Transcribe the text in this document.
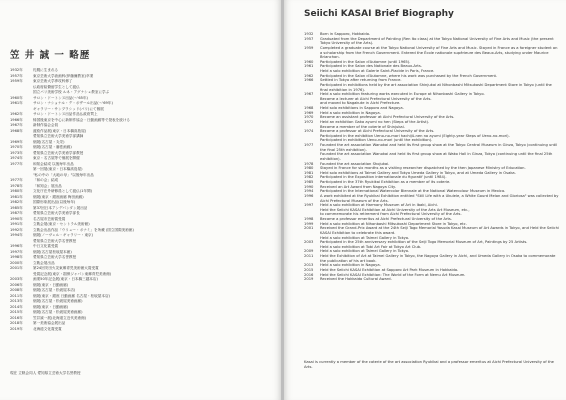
笠 井 誠 一 略歴
1932年	札幌に生まれる
1957年	東京芸術大学油画科(伊藤廉教室)卒業
1959年	東京芸術大学専攻科修了
仏政府給費留学生として渡仏
国立パリ美術学校 ルネ・アグナシュ教室に学ぶ
1960年	サロン・ドートンヌ出品(〜'65年)
1961年	サロン・ナショナル・デ・ボザール出品(〜'69年)
ギャラリー・サンプラシッド(パリ)にて個展
1962年	サロン・ドートンヌ出品作品仏政府買上
1966年	帰国後東京を中心に新制作協会・日動画廊等で発表を続ける
1967年	新制作協会会員
1968年	渡欧作品展(東京・日本橋高島屋)
愛知県立芸術大学美術学部講師
1969年	個展(名古屋・丸栄)
1970年	個展(名古屋・藤巻画廊)
1973年	愛知県立芸術大学美術学部教授
1974年	東京・名古屋等で個展を開催
1977年	和知会結成 以後毎年出品
第一回展(東京・日本橋高島屋)
"私の中の「大地の母」"以後毎年出品
1977年	「和の会」結成
1978年	「和知会」展出品
1980年	文化庁在外研修員として渡仏(1年間)
1981年	個展(東京・銀座画廊 梅田画廊)
1982年	国際形象展出品(以後毎年)
1985年	第37回日本アンデパンダン展出品
1987年	愛知県立芸術大学美術学部長
1990年	名古屋市芸術賞受賞
1991年	立軌会展(東京・セントラル美術館)
1992年	立軌会出品作品「ウリュー・ボナミ」を所蔵 (国立国際美術館)
1994年	個展(ノーヴェル・ギャラリー・東京)
愛知県立芸術大学名誉教授
1996年	中日文化賞受賞
1997年	個展(名古屋松坂屋本館)
1998年	愛知県立芸術大学名誉教授
2000年	立軌会展出品
2001年	第24回安田火災東郷青児美術館大賞受賞
受賞記念展(東京・損保ジャパン東郷青児美術館)
2003年	画業50年記念展(東京・日本橋三越本店)
2006年	個展(東京・日動画廊)
2008年	個展(名古屋・松坂屋本店)
2011年	個展(東京・銀座 日動画廊 名古屋・松坂屋本店)
2013年	個展(名古屋・松坂屋美術画廊)
2014年	個展(東京・日動画廊)
2015年	個展(名古屋・松坂屋美術画廊)
2016年	笠井誠一展(北海道立近代美術館)
2018年	第一美術協会展出品
2019年	北海道文化賞受賞
現在 立軌会同人 愛知県立芸術大学名誉教授
Seiichi KASAI Brief Biography
1932	Born in Sapporo, Hokkaido.
1957	Graduated from the Department of Painting (Ren Ito class) at the Tokyo National University of Fine Arts and Music (the present Tokyo University of the Arts).
1959	Completed a graduate course at the Tokyo National University of Fine Arts and Music. Stayed in France as a foreigner student on a scholarship from the French Government. Entered the École nationale supérieure des Beaux-Arts, studying under Maurice Brianchon.
1960	Participated in the Salon d'Automne (until 1965).
1961	Participated in the Salon des Nationale des Beaux-Arts.
Held a solo exhibition at Galerie Saint-Placide in Paris, France.
1962	Participated in the Salon d'Automne, where his work was purchased by the French Government.
1966	Settled in Tokyo after returning from France.
Participated in exhibitions held by the art association Shinjukai at Nihonbashi Mitsukoshi Department Store in Tokyo (until the final exhibition in 1976).
1967	Held a solo exhibition featuring works executed in Europe at Nihonbashi Gallery in Tokyo.
Became a lecturer at Aichi Prefectural University of the Arts.
and moved to Nagakute in Aichi Prefecture.
1968	Held solo exhibitions in Sapporo and Nagoya.
1969	Held a solo exhibition in Nagoya.
1970	Became an assistant professor at Aichi Prefectural University of the Arts.
1972	Held an exhibition Gaka ayumi no hen (Steps of the Artist).
Became a member of the coterie of Shinjukai.
1974	Became a professor at Aichi Prefectural University of the Arts.
Participated in the exhibition Ueno-no-mori hachijū-nen no ayumi (Eighty-year Steps of Ueno-no-mori).
Participated in exhibition Ueno-no-mori (until the exhibition).
1977	Founded the art association Wanokai and held its first group show at the Tokyo Central Museum in Ginza, Tokyo (continuing until the final 25th exhibition).
Founded the art association Wanokai and held its first group show at Wako Hall in Ginza, Tokyo (continuing until the final 25th exhibition).
1978	Founded the art association Shojukai.
1980	Stayed in France for six months as a visiting researcher dispatched by the then Japanese Ministry of Education.
1981	Held solo exhibitions at Taimei Gallery and Tokyo Umeda Gallery in Tokyo, and at Umeda Gallery in Osaka.
1982	Participated in the Exposition internationale du figuratif (until 1984).
1985	Participated in the 37th Ryukikai Exhibition as a member of its coterie.
1990	Received an Art Award from Nagoya City.
1994	Participated in the International Watercolor Biennale at the National Watercolour Museum in Mexico.
1996	A work exhibited at the Ryukikai Exhibition entitled "Still Life with a Ukulele, a White Gourd Melon and Gloriosa" was collected by Aichi Prefectural Museum of the Arts.
1997	Held a solo exhibition at Harmony Museum of Art in Ibaki, Aichi.
Held the Seiichi KASAI Exhibition at Aichi University of the Arts Art Museum, etc.,
to commemorate his retirement from Aichi Prefectural University of the Arts.
1998	Became a professor emeritus at Aichi Prefectural University of the Arts.
1999	Held a solo exhibition at Nihonbashi Mitsukoshi Department Store in Tokyo, etc.
2001	Received the Grand-Prix Award at the 24th Seiji Togo Memorial Yasuda Kasai Museum of Art Awards in Tokyo, and Held the Seiichi KASAI Exhibition to celebrate this award.
Held a solo exhibition at Taimei Gallery in Tokyo.
2003	Participated in the 25th anniversary exhibition of the Seiji Togo Memorial Museum of Art, Paintings by 25 Artists.
Held a solo exhibition at Tobi Art Fair at Tokyo Art Club.
2009	Held a solo exhibition at Taimei Gallery in Tokyo.
2011	Held the Exhibition of Art at Taimei Gallery in Tokyo, the Nagoya Gallery in Aichi, and Umeda Gallery in Osaka to commemorate the publication of his art book.
2013	Held a solo exhibition in Nagoya.
2015	Held the Seiichi KASAI Exhibition at Sapporo Art Park Museum in Hokkaido.
2016	Held the Seiichi KASAI Exhibition: The World of the Form at Nemu Art Museum.
2019	Received the Hokkaido Cultural Award.
Kasai is currently a member of the coterie of the art association Ryukikai and a professor emeritus at Aichi Prefectural University of the Arts.
